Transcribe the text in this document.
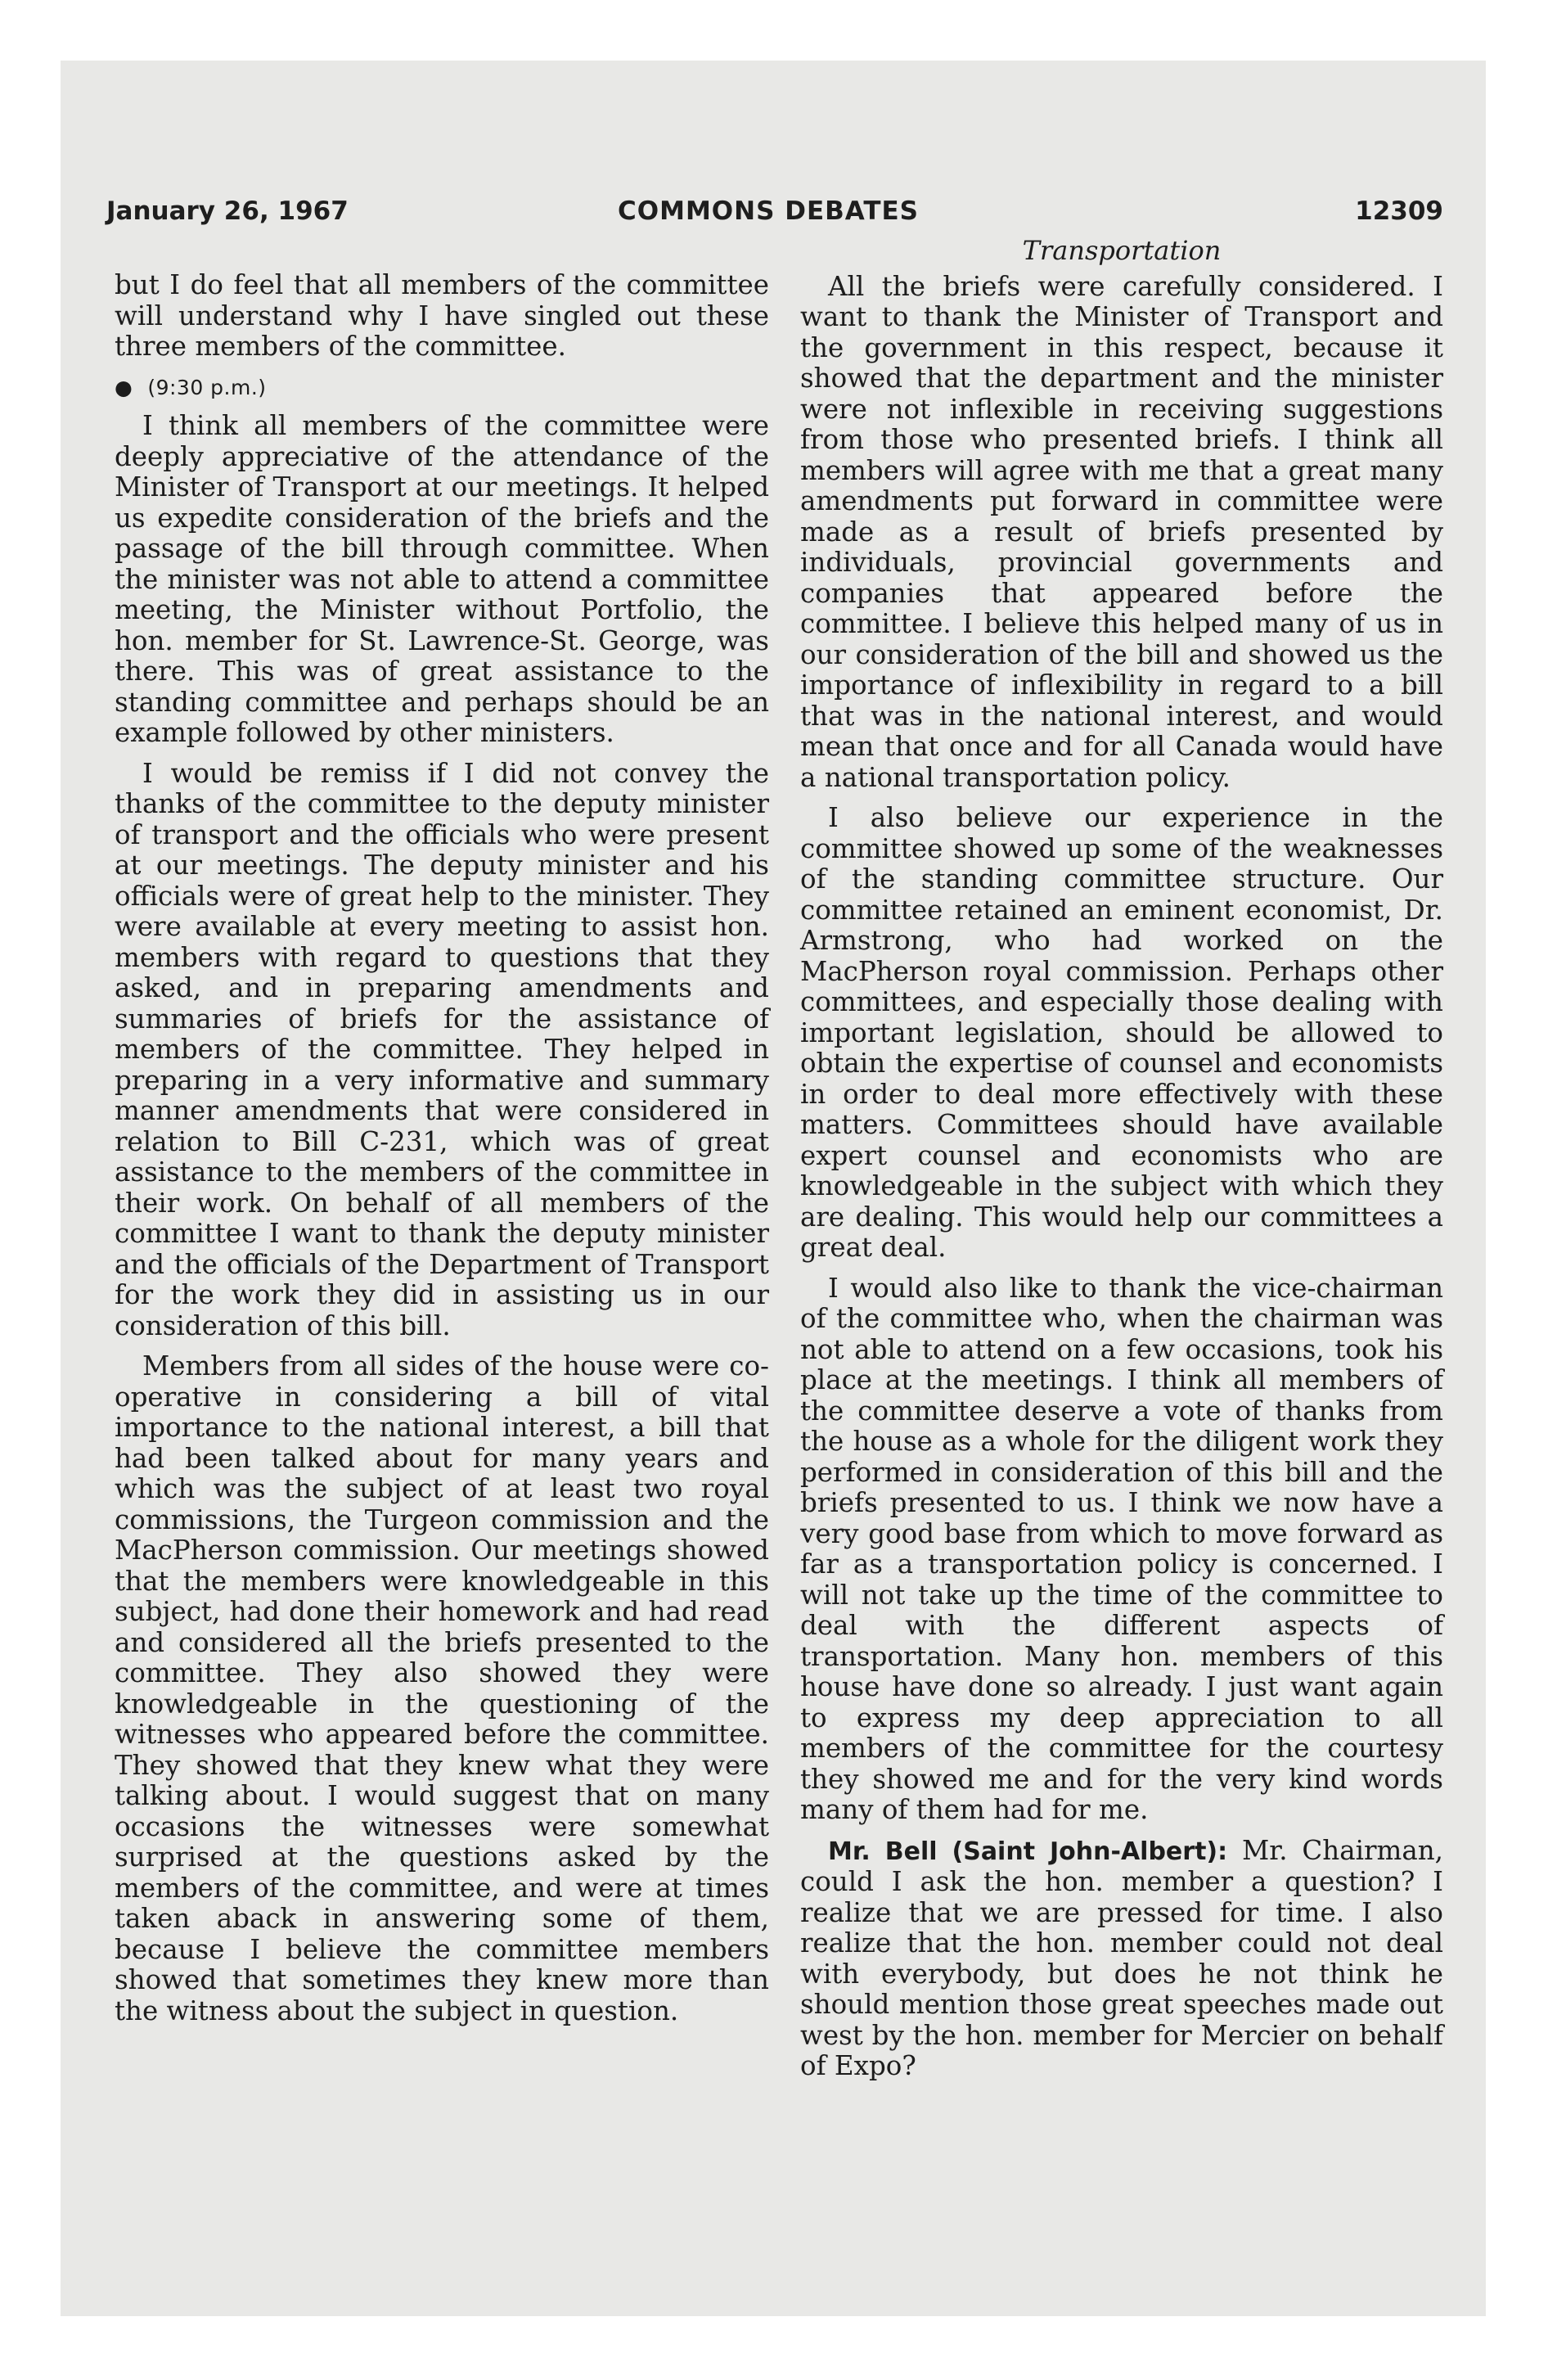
January 26, 1967	COMMONS DEBATES	12309

but I do feel that all members of the committee will understand why I have singled out these three members of the committee.

● (9:30 p.m.)

I think all members of the committee were deeply appreciative of the attendance of the Minister of Transport at our meetings. It helped us expedite consideration of the briefs and the passage of the bill through committee. When the minister was not able to attend a committee meeting, the Minister without Portfolio, the hon. member for St. Lawrence-St. George, was there. This was of great assistance to the standing committee and perhaps should be an example followed by other ministers.

I would be remiss if I did not convey the thanks of the committee to the deputy minister of transport and the officials who were present at our meetings. The deputy minister and his officials were of great help to the minister. They were available at every meeting to assist hon. members with regard to questions that they asked, and in preparing amendments and summaries of briefs for the assistance of members of the committee. They helped in preparing in a very informative and summary manner amendments that were considered in relation to Bill C-231, which was of great assistance to the members of the committee in their work. On behalf of all members of the committee I want to thank the deputy minister and the officials of the Department of Transport for the work they did in assisting us in our consideration of this bill.

Members from all sides of the house were co-operative in considering a bill of vital importance to the national interest, a bill that had been talked about for many years and which was the subject of at least two royal commissions, the Turgeon commission and the MacPherson commission. Our meetings showed that the members were knowledgeable in this subject, had done their homework and had read and considered all the briefs presented to the committee. They also showed they were knowledgeable in the questioning of the witnesses who appeared before the committee. They showed that they knew what they were talking about. I would suggest that on many occasions the witnesses were somewhat surprised at the questions asked by the members of the committee, and were at times taken aback in answering some of them, because I believe the committee members showed that sometimes they knew more than the witness about the subject in question.

Transportation

All the briefs were carefully considered. I want to thank the Minister of Transport and the government in this respect, because it showed that the department and the minister were not inflexible in receiving suggestions from those who presented briefs. I think all members will agree with me that a great many amendments put forward in committee were made as a result of briefs presented by individuals, provincial governments and companies that appeared before the committee. I believe this helped many of us in our consideration of the bill and showed us the importance of inflexibility in regard to a bill that was in the national interest, and would mean that once and for all Canada would have a national transportation policy.

I also believe our experience in the committee showed up some of the weaknesses of the standing committee structure. Our committee retained an eminent economist, Dr. Armstrong, who had worked on the MacPherson royal commission. Perhaps other committees, and especially those dealing with important legislation, should be allowed to obtain the expertise of counsel and economists in order to deal more effectively with these matters. Committees should have available expert counsel and economists who are knowledgeable in the subject with which they are dealing. This would help our committees a great deal.

I would also like to thank the vice-chairman of the committee who, when the chairman was not able to attend on a few occasions, took his place at the meetings. I think all members of the committee deserve a vote of thanks from the house as a whole for the diligent work they performed in consideration of this bill and the briefs presented to us. I think we now have a very good base from which to move forward as far as a transportation policy is concerned. I will not take up the time of the committee to deal with the different aspects of transportation. Many hon. members of this house have done so already. I just want again to express my deep appreciation to all members of the committee for the courtesy they showed me and for the very kind words many of them had for me.

Mr. Bell (Saint John-Albert): Mr. Chairman, could I ask the hon. member a question? I realize that we are pressed for time. I also realize that the hon. member could not deal with everybody, but does he not think he should mention those great speeches made out west by the hon. member for Mercier on behalf of Expo?
